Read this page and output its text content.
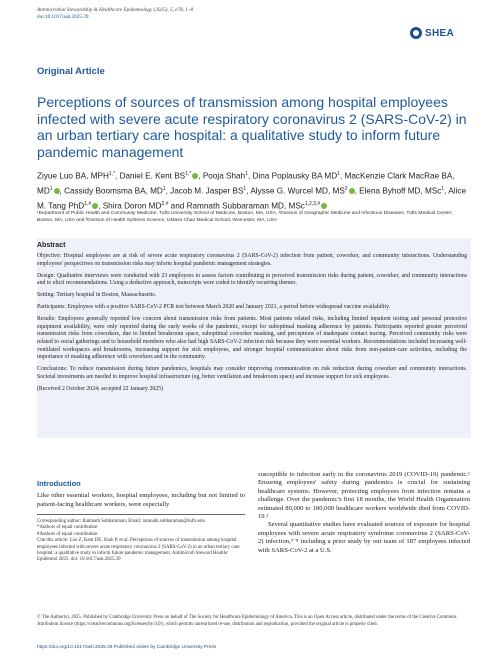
Antimicrobial Stewardship & Healthcare Epidemiology (2025), 5, e78, 1–8
doi:10.1017/ash.2025.39
SHEA
Original Article
Perceptions of sources of transmission among hospital employees infected with severe acute respiratory coronavirus 2 (SARS-CoV-2) in an urban tertiary care hospital: a qualitative study to inform future pandemic management

Ziyue Luo BA, $MPH^{1,*}$, Daniel E. Kent $BS^{1,*}$ , Pooja Shah$^1$, Dina Poplausky BA $MD^1$, MacKenzie Clark MacRae BA, $MD^1$ , Cassidy Boomsma BA, $MD^1$, Jacob M. Jasper $BS^1$, Alysse G. Wurcel MD, $MS^2$ , Elena Byhoff MD, MSc$^1$, Alice M. Tang PhD$^{1,\#}$ , Shira Doron $MD^{2,\#}$ and Ramnath Subbaraman MD, MSc$^{1,2,3,\#}$

¹Department of Public Health and Community Medicine, Tufts University School of Medicine, Boston, MA, USA, ²Division of Geographic Medicine and Infectious Diseases, Tufts Medical Center, Boston, MA, USA and ³Division of Health Systems Science, UMass Chan Medical School, Worcester, MA, USA

Abstract

Objective: Hospital employees are at risk of severe acute respiratory coronavirus 2 (SARS-CoV-2) infection from patient, coworker, and community interactions. Understanding employees' perspectives on transmission risks may inform hospital pandemic management strategies.

Design: Qualitative interviews were conducted with 23 employees to assess factors contributing to perceived transmission risks during patient, coworker, and community interactions and to elicit recommendations. Using a deductive approach, transcripts were coded to identify recurring themes.

Setting: Tertiary hospital in Boston, Massachusetts.

Participants: Employees with a positive SARS-CoV-2 PCR test between March 2020 and January 2021, a period before widespread vaccine availability.

Results: Employees generally reported low concern about transmission risks from patients. Most patients related risks, including limited inpatient testing and personal protective equipment availability, were only reported during the early weeks of the pandemic, except for suboptimal masking adherence by patients. Participants reported greater perceived transmission risks from coworkers, due to limited breakroom space, suboptimal coworker masking, and perceptions of inadequate contact tracing. Perceived community risks were related to social gatherings and to household members who also had high SARS-CoV-2 infection risk because they were essential workers. Recommendations included increasing well-ventilated workspaces and breakrooms, increasing support for sick employees, and stronger hospital communication about risks from non-patient-care activities, including the importance of masking adherence with coworkers and in the community.

Conclusions: To reduce transmission during future pandemics, hospitals may consider improving communication on risk reduction during coworker and community interactions. Societal investments are needed to improve hospital infrastructure (eg, better ventilation and breakroom space) and increase support for sick employees.

(Received 2 October 2024; accepted 22 January 2025)

Introduction

Like other essential workers, hospital employees, including but not limited to patient-facing healthcare workers, were especially

Corresponding author: Ramnath Subbaraman; Email: ramnath.subbaraman@tufts.edu

*Authors of equal contribution

#Authors of equal contribution

Cite this article: Luo Z, Kent DE, Shah P, et al. Perceptions of sources of transmission among hospital employees infected with severe acute respiratory coronavirus 2 (SARS-CoV-2) in an urban tertiary care hospital: a qualitative study to inform future pandemic management. Antimicrob Steward Healthc Epidemiol 2025. doi: 10.1017/ash.2025.39

susceptible to infection early in the coronavirus 2019 (COVID-19) pandemic.¹ Ensuring employees' safety during pandemics is crucial for sustaining healthcare systems. However, protecting employees from infection remains a challenge. Over the pandemic's first 18 months, the World Health Organization estimated 80,000 to 180,000 healthcare workers worldwide died from COVID-19.²

Several quantitative studies have evaluated sources of exposure for hospital employees with severe acute respiratory syndrome coronavirus 2 (SARS-CoV-2) infection,³⁻⁸ including a prior study by our team of 187 employees infected with SARS-CoV-2 at a U.S.

© The Author(s), 2025. Published by Cambridge University Press on behalf of The Society for Healthcare Epidemiology of America. This is an Open Access article, distributed under the terms of the Creative Commons Attribution licence (https://creativecommons.org/licenses/by/4.0/), which permits unrestricted re-use, distribution and reproduction, provided the original article is properly cited.

https://doi.org/10.1017/ash.2025.39 Published online by Cambridge University Press
